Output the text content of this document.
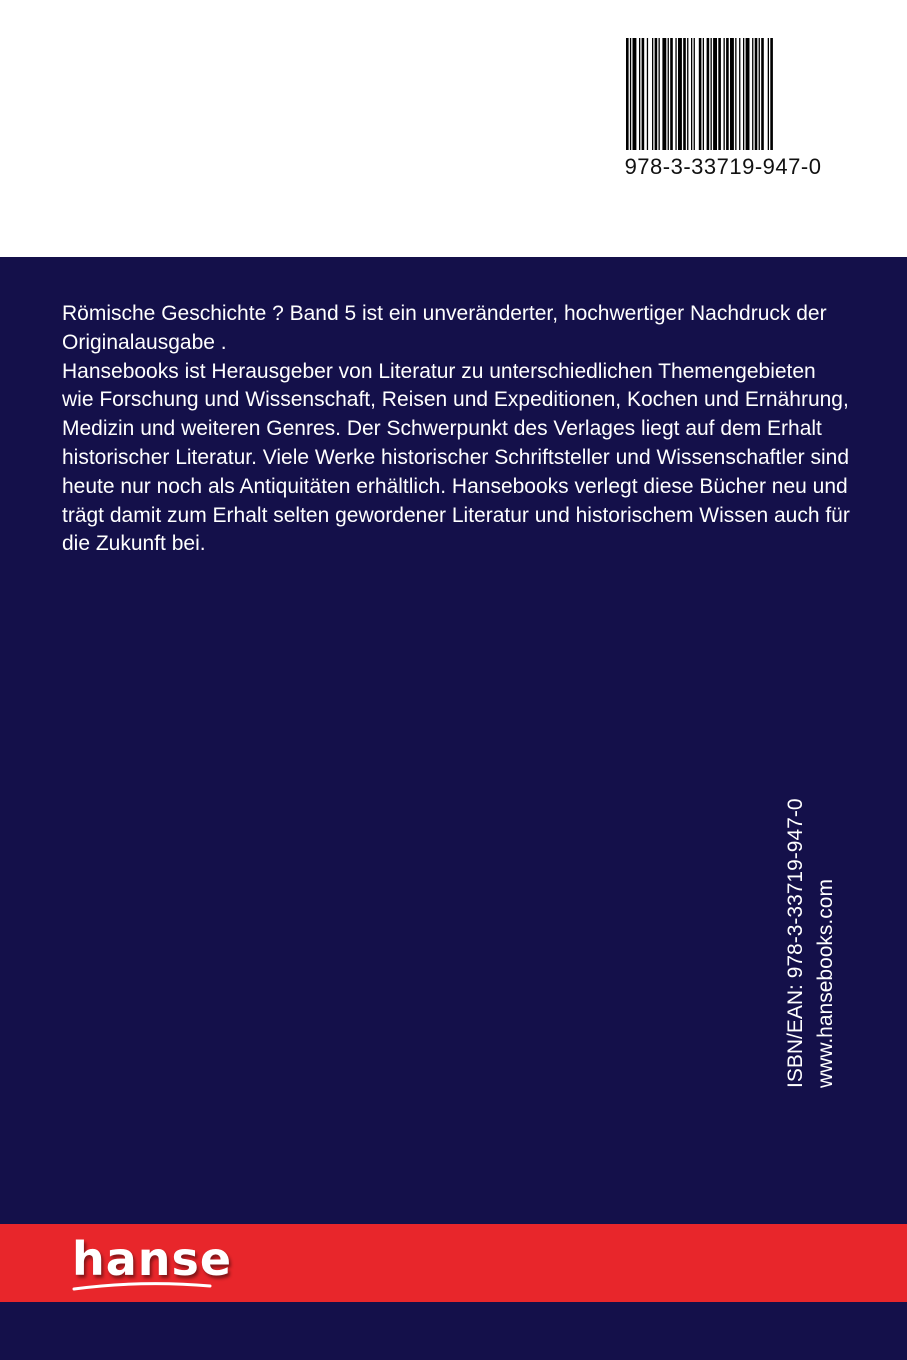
978-3-33719-947-0

Römische Geschichte ? Band 5 ist ein unveränderter, hochwertiger Nachdruck der Originalausgabe .

Hansebooks ist Herausgeber von Literatur zu unterschiedlichen Themengebieten wie Forschung und Wissenschaft, Reisen und Expeditionen, Kochen und Ernährung, Medizin und weiteren Genres. Der Schwerpunkt des Verlages liegt auf dem Erhalt historischer Literatur. Viele Werke historischer Schriftsteller und Wissenschaftler sind heute nur noch als Antiquitäten erhältlich. Hansebooks verlegt diese Bücher neu und trägt damit zum Erhalt selten gewordener Literatur und historischem Wissen auch für die Zukunft bei.

ISBN/EAN: 978-3-33719-947-0 www.hansebooks.com
hanse
